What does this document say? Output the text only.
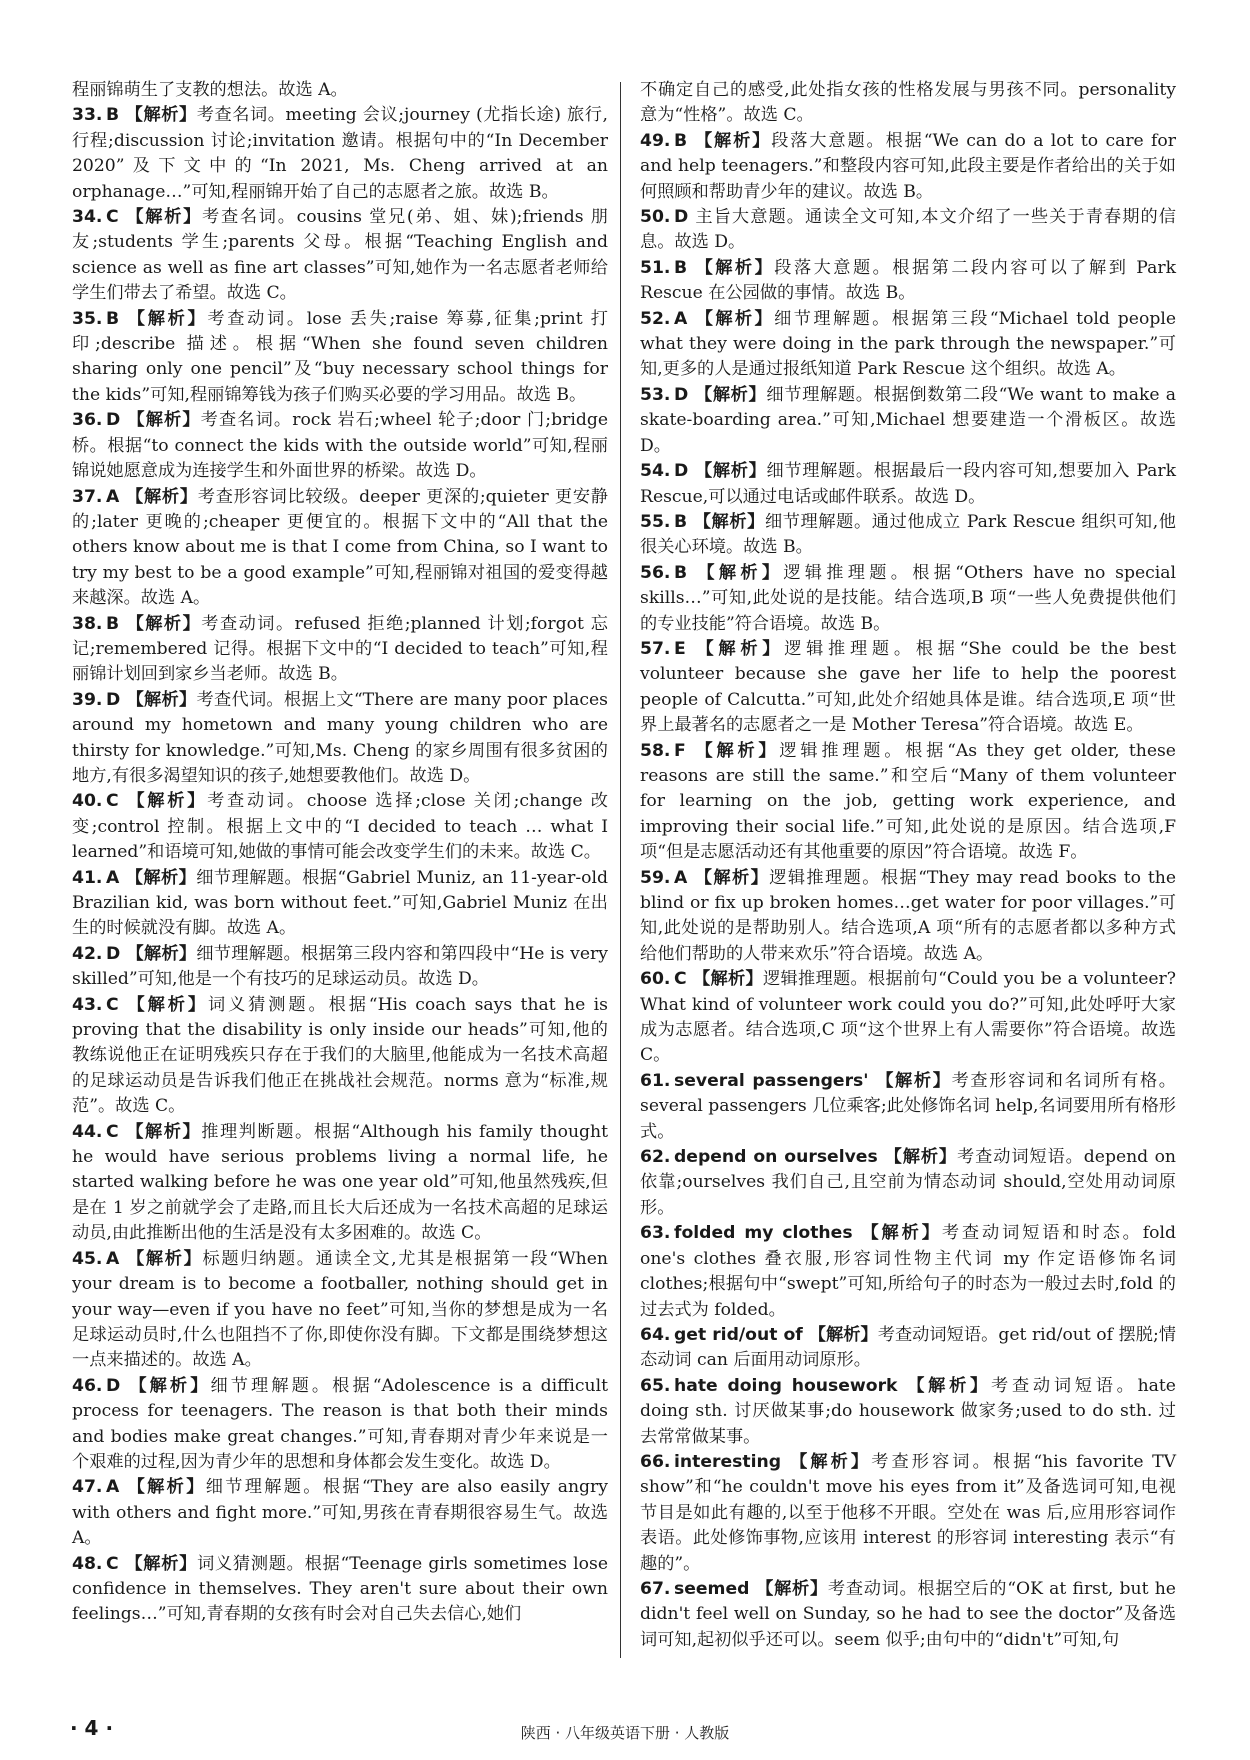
程丽锦萌生了支教的想法。故选 A。

33. B 【解析】考查名词。meeting 会议;journey (尤指长途) 旅行,行程;discussion 讨论;invitation 邀请。根据句中的“In December 2020”及下文中的“In 2021, Ms. Cheng arrived at an orphanage…”可知,程丽锦开始了自己的志愿者之旅。故选 B。

34. C 【解析】考查名词。cousins 堂兄(弟、姐、妹);friends 朋友;students 学生;parents 父母。根据“Teaching English and science as well as fine art classes”可知,她作为一名志愿者老师给学生们带去了希望。故选 C。

35. B 【解析】考查动词。lose 丢失;raise 筹募,征集;print 打印;describe 描述。根据“When she found seven children sharing only one pencil”及“buy necessary school things for the kids”可知,程丽锦筹钱为孩子们购买必要的学习用品。故选 B。

36. D 【解析】考查名词。rock 岩石;wheel 轮子;door 门;bridge 桥。根据“to connect the kids with the outside world”可知,程丽锦说她愿意成为连接学生和外面世界的桥梁。故选 D。

37. A 【解析】考查形容词比较级。deeper 更深的;quieter 更安静的;later 更晚的;cheaper 更便宜的。根据下文中的“All that the others know about me is that I come from China, so I want to try my best to be a good example”可知,程丽锦对祖国的爱变得越来越深。故选 A。

38. B 【解析】考查动词。refused 拒绝;planned 计划;forgot 忘记;remembered 记得。根据下文中的“I decided to teach”可知,程丽锦计划回到家乡当老师。故选 B。

39. D 【解析】考查代词。根据上文“There are many poor places around my hometown and many young children who are thirsty for knowledge.”可知,Ms. Cheng 的家乡周围有很多贫困的地方,有很多渴望知识的孩子,她想要教他们。故选 D。

40. C 【解析】考查动词。choose 选择;close 关闭;change 改变;control 控制。根据上文中的“I decided to teach … what I learned”和语境可知,她做的事情可能会改变学生们的未来。故选 C。

41. A 【解析】细节理解题。根据“Gabriel Muniz, an 11-year-old Brazilian kid, was born without feet.”可知,Gabriel Muniz 在出生的时候就没有脚。故选 A。

42. D 【解析】细节理解题。根据第三段内容和第四段中“He is very skilled”可知,他是一个有技巧的足球运动员。故选 D。

43. C 【解析】词义猜测题。根据“His coach says that he is proving that the disability is only inside our heads”可知,他的教练说他正在证明残疾只存在于我们的大脑里,他能成为一名技术高超的足球运动员是告诉我们他正在挑战社会规范。norms 意为“标准,规范”。故选 C。

44. C 【解析】推理判断题。根据“Although his family thought he would have serious problems living a normal life, he started walking before he was one year old”可知,他虽然残疾,但是在 1 岁之前就学会了走路,而且长大后还成为一名技术高超的足球运动员,由此推断出他的生活是没有太多困难的。故选 C。

45. A 【解析】标题归纳题。通读全文,尤其是根据第一段“When your dream is to become a footballer, nothing should get in your way—even if you have no feet”可知,当你的梦想是成为一名足球运动员时,什么也阻挡不了你,即使你没有脚。下文都是围绕梦想这一点来描述的。故选 A。

46. D 【解析】细节理解题。根据“Adolescence is a difficult process for teenagers. The reason is that both their minds and bodies make great changes.”可知,青春期对青少年来说是一个艰难的过程,因为青少年的思想和身体都会发生变化。故选 D。

47. A 【解析】细节理解题。根据“They are also easily angry with others and fight more.”可知,男孩在青春期很容易生气。故选 A。

48. C 【解析】词义猜测题。根据“Teenage girls sometimes lose confidence in themselves. They aren't sure about their own feelings…”可知,青春期的女孩有时会对自己失去信心,她们

不确定自己的感受,此处指女孩的性格发展与男孩不同。personality 意为“性格”。故选 C。

49. B 【解析】段落大意题。根据“We can do a lot to care for and help teenagers.”和整段内容可知,此段主要是作者给出的关于如何照顾和帮助青少年的建议。故选 B。

50. D 主旨大意题。通读全文可知,本文介绍了一些关于青春期的信息。故选 D。

51. B 【解析】段落大意题。根据第二段内容可以了解到 Park Rescue 在公园做的事情。故选 B。

52. A 【解析】细节理解题。根据第三段“Michael told people what they were doing in the park through the newspaper.”可知,更多的人是通过报纸知道 Park Rescue 这个组织。故选 A。

53. D 【解析】细节理解题。根据倒数第二段“We want to make a skate-boarding area.”可知,Michael 想要建造一个滑板区。故选 D。

54. D 【解析】细节理解题。根据最后一段内容可知,想要加入 Park Rescue,可以通过电话或邮件联系。故选 D。

55. B 【解析】细节理解题。通过他成立 Park Rescue 组织可知,他很关心环境。故选 B。

56. B 【解析】逻辑推理题。根据“Others have no special skills…”可知,此处说的是技能。结合选项,B 项“一些人免费提供他们的专业技能”符合语境。故选 B。

57. E 【解析】逻辑推理题。根据“She could be the best volunteer because she gave her life to help the poorest people of Calcutta.”可知,此处介绍她具体是谁。结合选项,E 项“世界上最著名的志愿者之一是 Mother Teresa”符合语境。故选 E。

58. F 【解析】逻辑推理题。根据“As they get older, these reasons are still the same.”和空后“Many of them volunteer for learning on the job, getting work experience, and improving their social life.”可知,此处说的是原因。结合选项,F 项“但是志愿活动还有其他重要的原因”符合语境。故选 F。

59. A 【解析】逻辑推理题。根据“They may read books to the blind or fix up broken homes…get water for poor villages.”可知,此处说的是帮助别人。结合选项,A 项“所有的志愿者都以多种方式给他们帮助的人带来欢乐”符合语境。故选 A。

60. C 【解析】逻辑推理题。根据前句“Could you be a volunteer? What kind of volunteer work could you do?”可知,此处呼吁大家成为志愿者。结合选项,C 项“这个世界上有人需要你”符合语境。故选 C。

61. several passengers' 【解析】考查形容词和名词所有格。several passengers 几位乘客;此处修饰名词 help,名词要用所有格形式。

62. depend on ourselves 【解析】考查动词短语。depend on 依靠;ourselves 我们自己,且空前为情态动词 should,空处用动词原形。

63. folded my clothes 【解析】考查动词短语和时态。fold one's clothes 叠衣服,形容词性物主代词 my 作定语修饰名词 clothes;根据句中“swept”可知,所给句子的时态为一般过去时,fold 的过去式为 folded。

64. get rid/out of 【解析】考查动词短语。get rid/out of 摆脱;情态动词 can 后面用动词原形。

65. hate doing housework 【解析】考查动词短语。hate doing sth. 讨厌做某事;do housework 做家务;used to do sth. 过去常常做某事。

66. interesting 【解析】考查形容词。根据“his favorite TV show”和“he couldn't move his eyes from it”及备选词可知,电视节目是如此有趣的,以至于他移不开眼。空处在 was 后,应用形容词作表语。此处修饰事物,应该用 interest 的形容词 interesting 表示“有趣的”。

67. seemed 【解析】考查动词。根据空后的“OK at first, but he didn't feel well on Sunday, so he had to see the doctor”及备选词可知,起初似乎还可以。seem 似乎;由句中的“didn't”可知,句

· 4 ·	陕西 · 八年级英语下册 · 人教版
